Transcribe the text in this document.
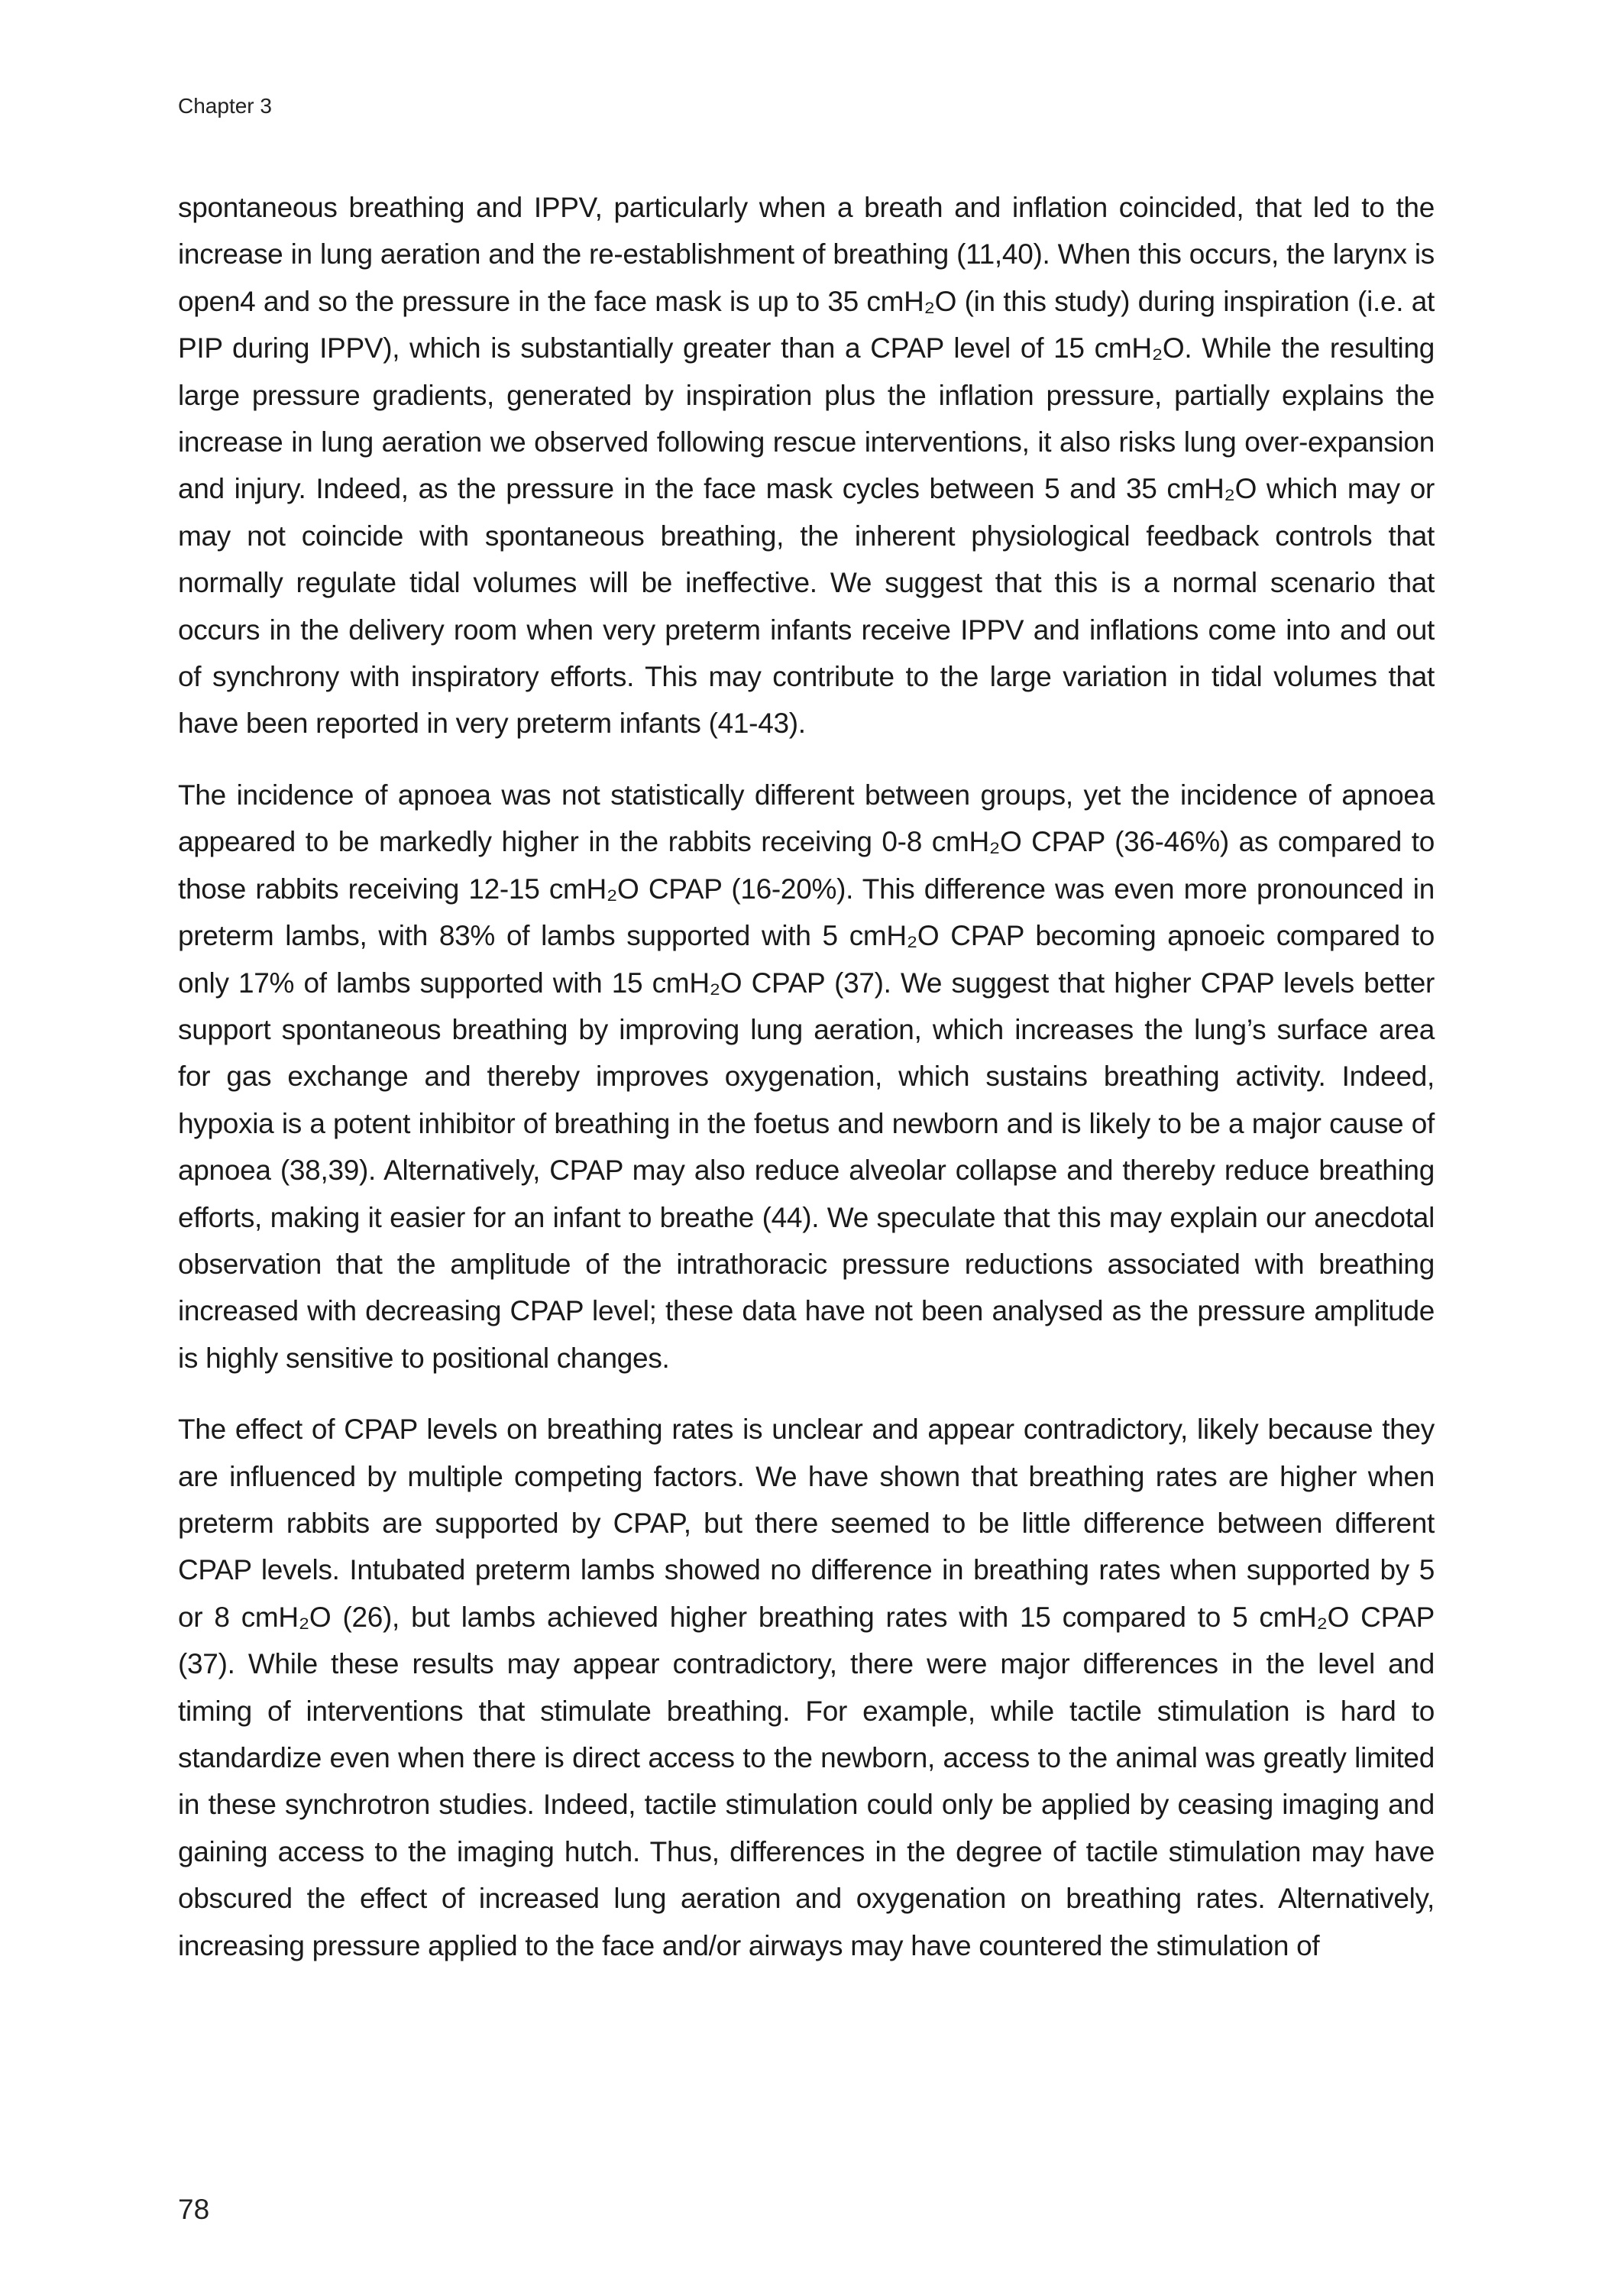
Chapter 3

spontaneous breathing and IPPV, particularly when a breath and inflation coincided, that led to the increase in lung aeration and the re-establishment of breathing (11,40). When this occurs, the larynx is open4 and so the pressure in the face mask is up to 35 cmH₂O (in this study) during inspiration (i.e. at PIP during IPPV), which is substantially greater than a CPAP level of 15 cmH₂O. While the resulting large pressure gradients, generated by inspiration plus the inflation pressure, partially explains the increase in lung aeration we observed following rescue interventions, it also risks lung over-expansion and injury. Indeed, as the pressure in the face mask cycles between 5 and 35 cmH₂O which may or may not coincide with spontaneous breathing, the inherent physiological feedback controls that normally regulate tidal volumes will be ineffective. We suggest that this is a normal scenario that occurs in the delivery room when very preterm infants receive IPPV and inflations come into and out of synchrony with inspiratory efforts. This may contribute to the large variation in tidal volumes that have been reported in very preterm infants (41-43).

The incidence of apnoea was not statistically different between groups, yet the incidence of apnoea appeared to be markedly higher in the rabbits receiving 0-8 cmH₂O CPAP (36-46%) as compared to those rabbits receiving 12-15 cmH₂O CPAP (16-20%). This difference was even more pronounced in preterm lambs, with 83% of lambs supported with 5 cmH₂O CPAP becoming apnoeic compared to only 17% of lambs supported with 15 cmH₂O CPAP (37). We suggest that higher CPAP levels better support spontaneous breathing by improving lung aeration, which increases the lung’s surface area for gas exchange and thereby improves oxygenation, which sustains breathing activity. Indeed, hypoxia is a potent inhibitor of breathing in the foetus and newborn and is likely to be a major cause of apnoea (38,39). Alternatively, CPAP may also reduce alveolar collapse and thereby reduce breathing efforts, making it easier for an infant to breathe (44). We speculate that this may explain our anecdotal observation that the amplitude of the intrathoracic pressure reductions associated with breathing increased with decreasing CPAP level; these data have not been analysed as the pressure amplitude is highly sensitive to positional changes.

The effect of CPAP levels on breathing rates is unclear and appear contradictory, likely because they are influenced by multiple competing factors. We have shown that breathing rates are higher when preterm rabbits are supported by CPAP, but there seemed to be little difference between different CPAP levels. Intubated preterm lambs showed no difference in breathing rates when supported by 5 or 8 cmH₂O (26), but lambs achieved higher breathing rates with 15 compared to 5 cmH₂O CPAP (37). While these results may appear contradictory, there were major differences in the level and timing of interventions that stimulate breathing. For example, while tactile stimulation is hard to standardize even when there is direct access to the newborn, access to the animal was greatly limited in these synchrotron studies. Indeed, tactile stimulation could only be applied by ceasing imaging and gaining access to the imaging hutch. Thus, differences in the degree of tactile stimulation may have obscured the effect of increased lung aeration and oxygenation on breathing rates. Alternatively, increasing pressure applied to the face and/or airways may have countered the stimulation of

78
